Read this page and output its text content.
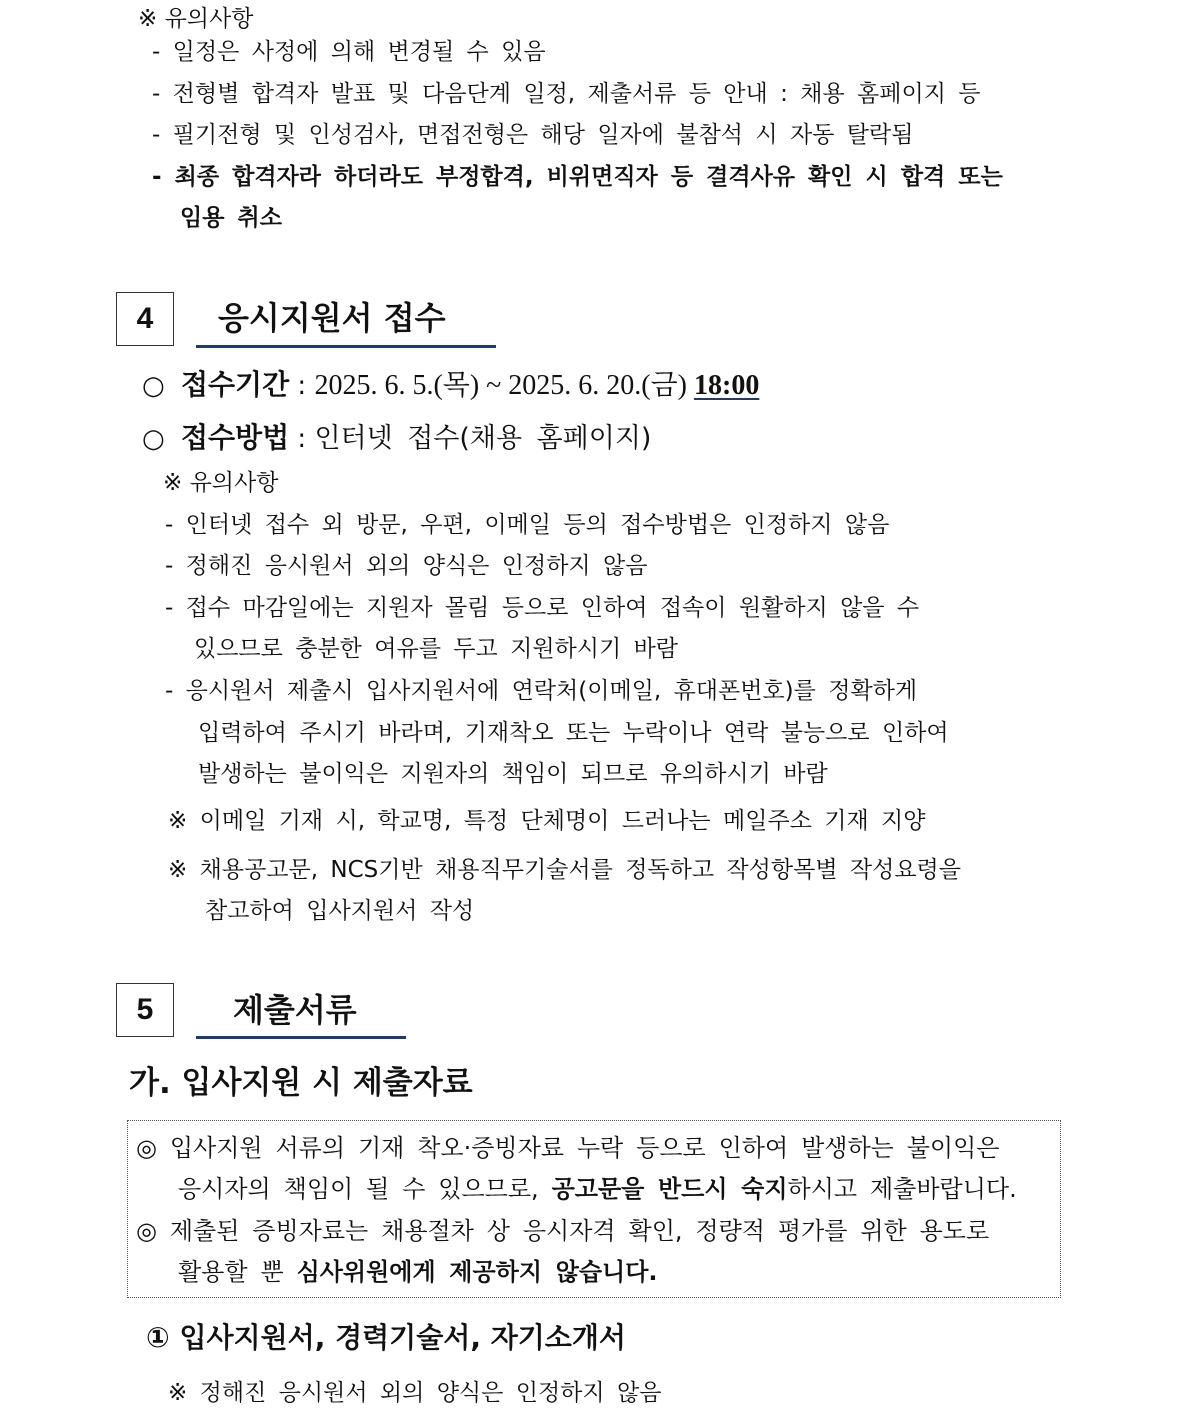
※ 유의사항
- 일정은 사정에 의해 변경될 수 있음
- 전형별 합격자 발표 및 다음단계 일정, 제출서류 등 안내 : 채용 홈페이지 등
- 필기전형 및 인성검사, 면접전형은 해당 일자에 불참석 시 자동 탈락됨
- 최종 합격자라 하더라도 부정합격, 비위면직자 등 결격사유 확인 시 합격 또는
임용 취소
4	응시지원서 접수
○ 접수기간 : 2025. 6. 5.(목) ~ 2025. 6. 20.(금) 18:00
○ 접수방법 : 인터넷 접수(채용 홈페이지)
※ 유의사항
- 인터넷 접수 외 방문, 우편, 이메일 등의 접수방법은 인정하지 않음
- 정해진 응시원서 외의 양식은 인정하지 않음
- 접수 마감일에는 지원자 몰림 등으로 인하여 접속이 원활하지 않을 수
있으므로 충분한 여유를 두고 지원하시기 바람
- 응시원서 제출시 입사지원서에 연락처(이메일, 휴대폰번호)를 정확하게
입력하여 주시기 바라며, 기재착오 또는 누락이나 연락 불능으로 인하여
발생하는 불이익은 지원자의 책임이 되므로 유의하시기 바람
※ 이메일 기재 시, 학교명, 특정 단체명이 드러나는 메일주소 기재 지양
※ 채용공고문, NCS기반 채용직무기술서를 정독하고 작성항목별 작성요령을
참고하여 입사지원서 작성
5	제출서류
가. 입사지원 시 제출자료
◎ 입사지원 서류의 기재 착오·증빙자료 누락 등으로 인하여 발생하는 불이익은
응시자의 책임이 될 수 있으므로, 공고문을 반드시 숙지하시고 제출바랍니다.
◎ 제출된 증빙자료는 채용절차 상 응시자격 확인, 정량적 평가를 위한 용도로
활용할 뿐 심사위원에게 제공하지 않습니다.
① 입사지원서, 경력기술서, 자기소개서
※ 정해진 응시원서 외의 양식은 인정하지 않음
